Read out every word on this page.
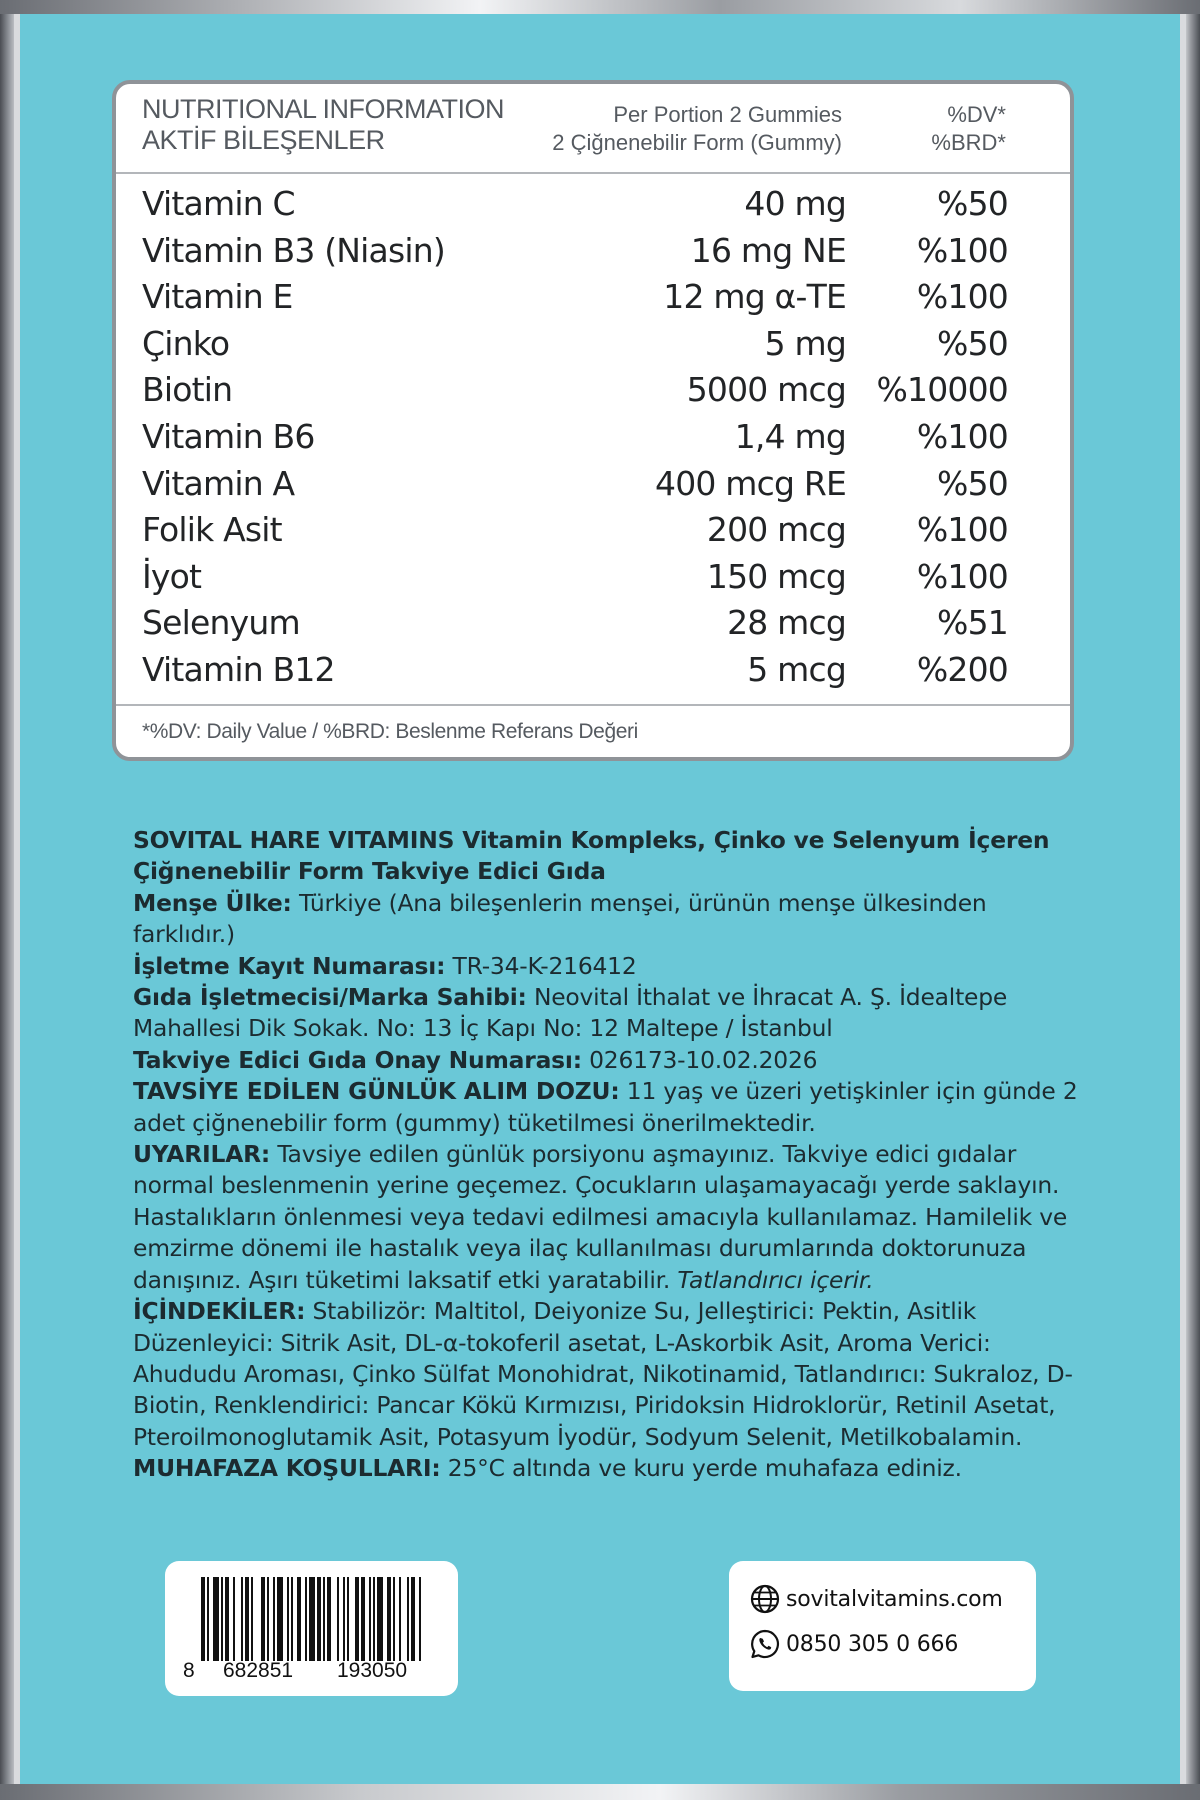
NUTRITIONAL INFORMATION
AKTİF BİLEŞENLER
Per Portion 2 Gummies
2 Çiğnenebilir Form (Gummy)
%DV*
%BRD*
Vitamin C	40 mg	%50
Vitamin B3 (Niasin)	16 mg NE %100
Vitamin E	12 mg α-TE %100
Çinko	5 mg	%50
Biotin	5000 mcg %10000
Vitamin B6	1,4 mg %100
Vitamin A	400 mcg RE	%50
Folik Asit	200 mcg %100
İyot	150 mcg %100
Selenyum	28 mcg	%51
Vitamin B12	5 mcg %200
*%DV: Daily Value / %BRD: Beslenme Referans Değeri
SOVITAL HARE VITAMINS Vitamin Kompleks, Çinko ve Selenyum İçeren Çiğnenebilir Form Takviye Edici Gıda
Menşe Ülke: Türkiye (Ana bileşenlerin menşei, ürünün menşe ülkesinden farklıdır.)
İşletme Kayıt Numarası: TR-34-K-216412
Gıda İşletmecisi/Marka Sahibi: Neovital İthalat ve İhracat A. Ş. İdealtepe Mahallesi Dik Sokak. No: 13 İç Kapı No: 12 Maltepe / İstanbul
Takviye Edici Gıda Onay Numarası: 026173-10.02.2026
TAVSİYE EDİLEN GÜNLÜK ALIM DOZU: 11 yaş ve üzeri yetişkinler için günde 2 adet çiğnenebilir form (gummy) tüketilmesi önerilmektedir.
UYARILAR: Tavsiye edilen günlük porsiyonu aşmayınız. Takviye edici gıdalar normal beslenmenin yerine geçemez. Çocukların ulaşamayacağı yerde saklayın. Hastalıkların önlenmesi veya tedavi edilmesi amacıyla kullanılamaz. Hamilelik ve emzirme dönemi ile hastalık veya ilaç kullanılması durumlarında doktorunuza danışınız. Aşırı tüketimi laksatif etki yaratabilir. Tatlandırıcı içerir.
İÇİNDEKİLER: Stabilizör: Maltitol, Deiyonize Su, Jelleştirici: Pektin, Asitlik Düzenleyici: Sitrik Asit, DL-α-tokoferil asetat, L-Askorbik Asit, Aroma Verici: Ahududu Aroması, Çinko Sülfat Monohidrat, Nikotinamid, Tatlandırıcı: Sukraloz, D-Biotin, Renklendirici: Pancar Kökü Kırmızısı, Piridoksin Hidroklorür, Retinil Asetat, Pteroilmonoglutamik Asit, Potasyum İyodür, Sodyum Selenit, Metilkobalamin.
MUHAFAZA KOŞULLARI: 25°C altında ve kuru yerde muhafaza ediniz.
8 682851 193050
sovitalvitamins.com
0850 305 0 666
